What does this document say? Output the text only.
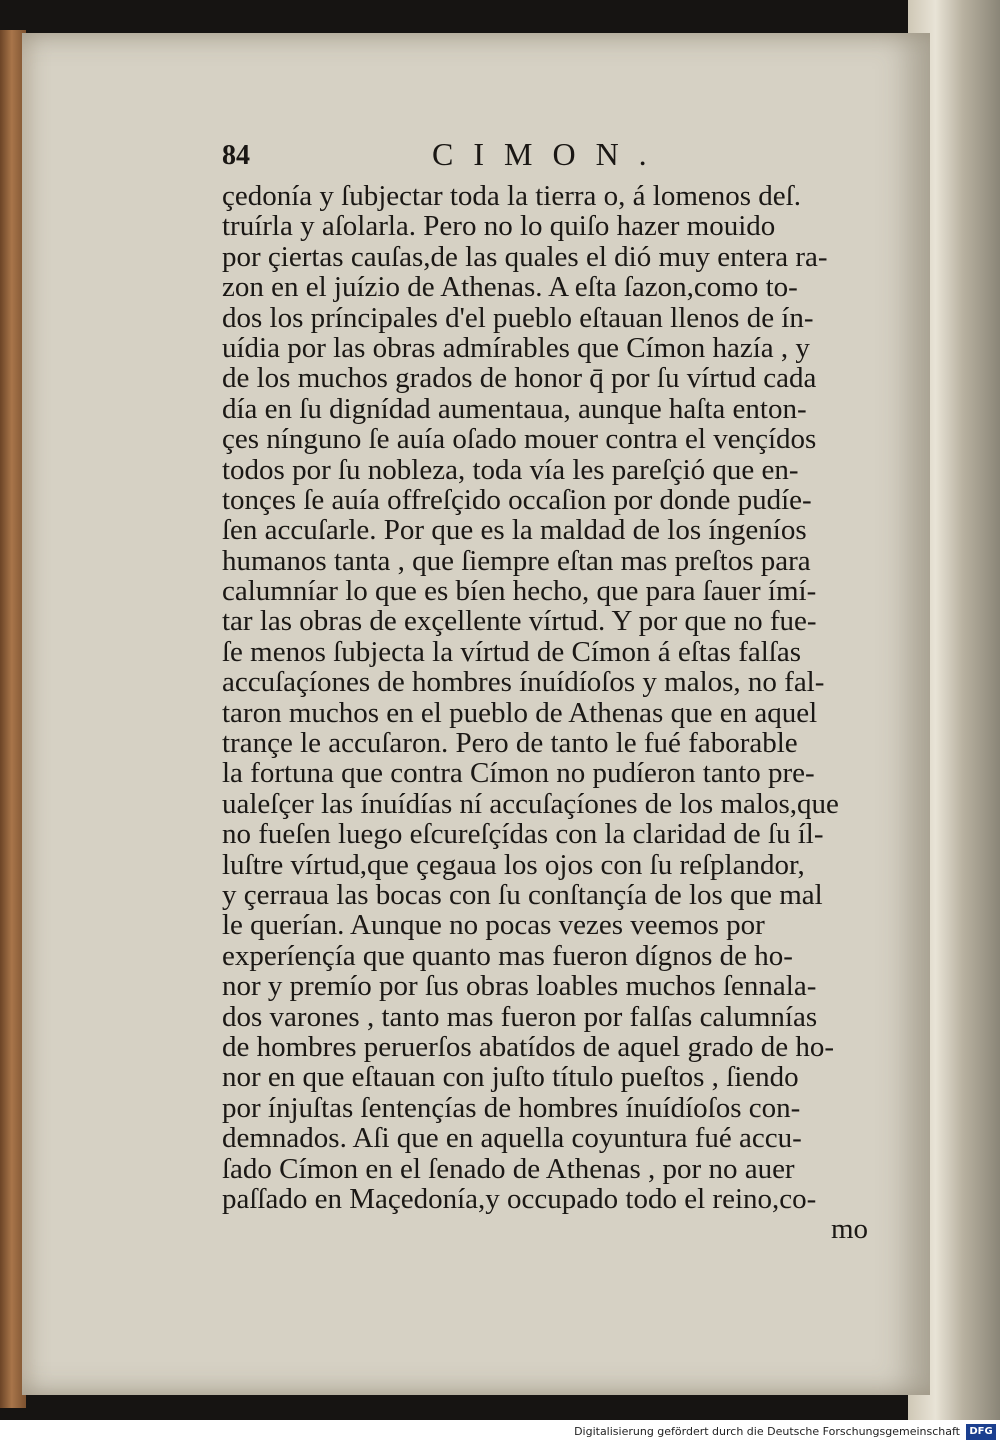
84	CIMON.
çedonía y ſubjectar toda la tierra o, á lomenos deſ.
truírla y aſolarla. Pero no lo quiſo hazer mouido
por çiertas cauſas,de las quales el dió muy entera ra-
zon en el juízio de Athenas. A eſta ſazon,como to-
dos los príncipales d'el pueblo eſtauan llenos de ín-
uídia por las obras admírables que Címon hazía , y
de los muchos grados de honor q̄ por ſu vírtud cada
día en ſu dignídad aumentaua, aunque haſta enton-
çes nínguno ſe auía oſado mouer contra el vençídos
todos por ſu nobleza, toda vía les pareſçió que en-
tonçes ſe auía offreſçido occaſion por donde pudíe-
ſen accuſarle. Por que es la maldad de los íngeníos
humanos tanta , que ſiempre eſtan mas preſtos para
calumníar lo que es bíen hecho, que para ſauer ímí-
tar las obras de exçellente vírtud. Y por que no fue-
ſe menos ſubjecta la vírtud de Címon á eſtas falſas
accuſaçíones de hombres ínuídíoſos y malos, no fal-
taron muchos en el pueblo de Athenas que en aquel
trançe le accuſaron. Pero de tanto le fué faborable
la fortuna que contra Címon no pudíeron tanto pre-
ualeſçer las ínuídías ní accuſaçíones de los malos,que
no fueſen luego eſcureſçídas con la claridad de ſu íl-
luſtre vírtud,que çegaua los ojos con ſu reſplandor,
y çerraua las bocas con ſu conſtançía de los que mal
le querían. Aunque no pocas vezes veemos por
experíençía que quanto mas fueron dígnos de ho-
nor y premío por ſus obras loables muchos ſennala-
dos varones , tanto mas fueron por falſas calumnías
de hombres peruerſos abatídos de aquel grado de ho-
nor en que eſtauan con juſto título pueſtos , ſiendo
por ínjuſtas ſentençías de hombres ínuídíoſos con-
demnados. Aſi que en aquella coyuntura fué accu-
ſado Címon en el ſenado de Athenas , por no auer
paſſado en Maçedonía,y occupado todo el reino,co-
mo
Digitalisierung gefördert durch die Deutsche Forschungsgemeinschaft DFG
